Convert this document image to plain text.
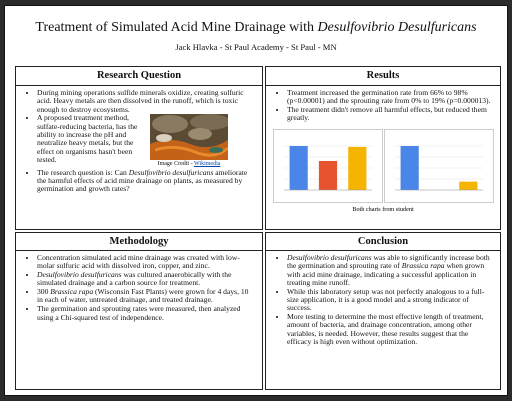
Treatment of Simulated Acid Mine Drainage with Desulfovibrio Desulfuricans
Jack Hlavka - St Paul Academy - St Paul - MN
Research Question
• During mining operations sulfide minerals oxidize, creating sulfuric acid. Heavy metals are then dissolved in the runoff, which is toxic enough to destroy ecosystems.
• Image Credit - Wikimedia
A proposed treatment method, sulfate-reducing bacteria, has the ability to increase the pH and neutralize heavy metals, but the effect on organisms hasn't been tested.
• The research question is: Can Desulfovibrio desulfuricans ameliorate the harmful effects of acid mine drainage on plants, as measured by germination and growth rates?
Results
• Treatment increased the germination rate from 66% to 98% (p<0.00001) and the sprouting rate from 0% to 19% (p=0.000013).
• The treatment didn't remove all harmful effects, but reduced them greatly.
Both charts from student
Methodology
• Concentration simulated acid mine drainage was created with low-molar sulfuric acid with dissolved iron, copper, and zinc.
• Desulfovibrio desulfuricans was cultured anaerobically with the simulated drainage and a carbon source for treatment.
• 300 Brassica rapa (Wisconsin Fast Plants) were grown for 4 days, 10 in each of water, untreated drainage, and treated drainage.
• The germination and sprouting rates were measured, then analyzed using a Chi-squared test of independence.
Conclusion
• Desulfovibrio desulfuricans was able to significantly increase both the germination and sprouting rate of Brassica rapa when grown with acid mine drainage, indicating a successful application in treating mine runoff.
• While this laboratory setup was not perfectly analogous to a full-size application, it is a good model and a strong indicator of success.
• More testing to determine the most effective length of treatment, amount of bacteria, and drainage concentration, among other variables, is needed. However, these results suggest that the efficacy is high even without optimization.
